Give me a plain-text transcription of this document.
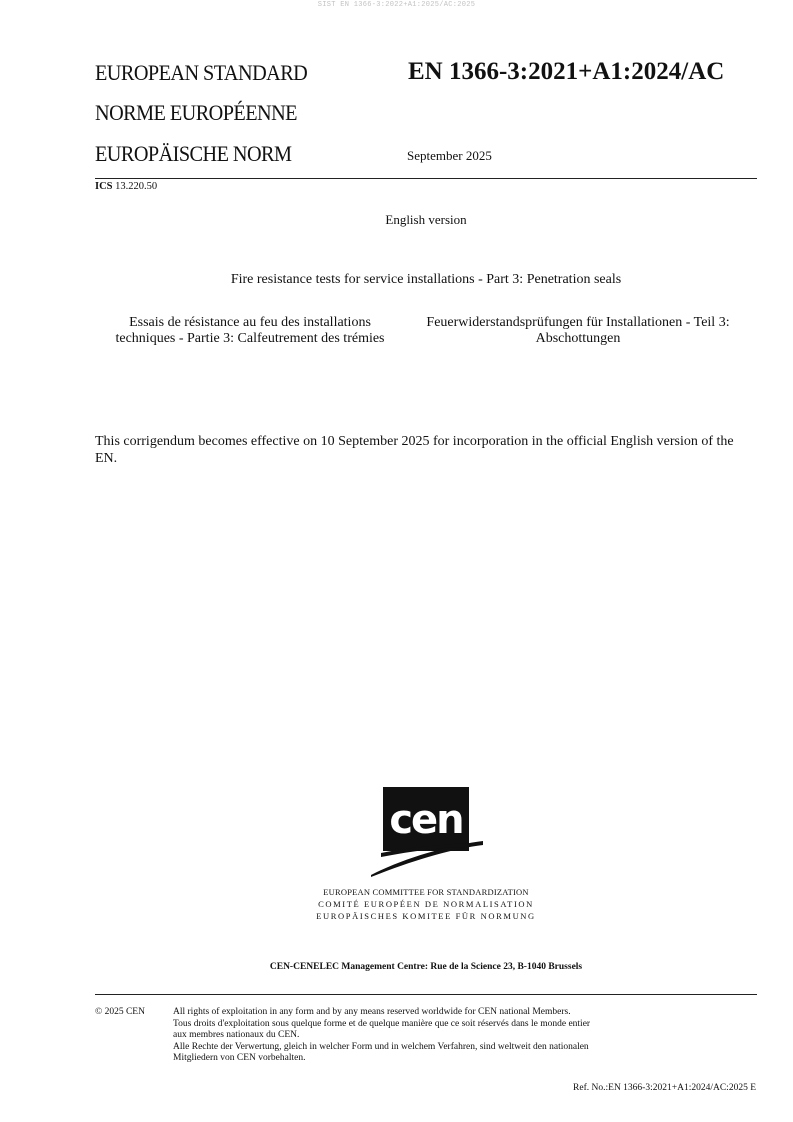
SIST EN 1366-3:2022+A1:2025/AC:2025
EUROPEAN STANDARD
NORME EUROPÉENNE
EUROPÄISCHE NORM
EN 1366-3:2021+A1:2024/AC
September 2025
ICS 13.220.50
English version
Fire resistance tests for service installations - Part 3: Penetration seals
Essais de résistance au feu des installations techniques - Partie 3: Calfeutrement des trémies
Feuerwiderstandsprüfungen für Installationen - Teil 3: Abschottungen
This corrigendum becomes effective on 10 September 2025 for incorporation in the official English version of the EN.
cen
EUROPEAN COMMITTEE FOR STANDARDIZATION
COMITÉ EUROPÉEN DE NORMALISATION
EUROPÄISCHES KOMITEE FÜR NORMUNG
CEN-CENELEC Management Centre: Rue de la Science 23, B-1040 Brussels
© 2025 CEN	All rights of exploitation in any form and by any means reserved worldwide for CEN national Members.
Tous droits d'exploitation sous quelque forme et de quelque manière que ce soit réservés dans le monde entier
aux membres nationaux du CEN.
Alle Rechte der Verwertung, gleich in welcher Form und in welchem Verfahren, sind weltweit den nationalen
Mitgliedern von CEN vorbehalten.
Ref. No.:EN 1366-3:2021+A1:2024/AC:2025 E
